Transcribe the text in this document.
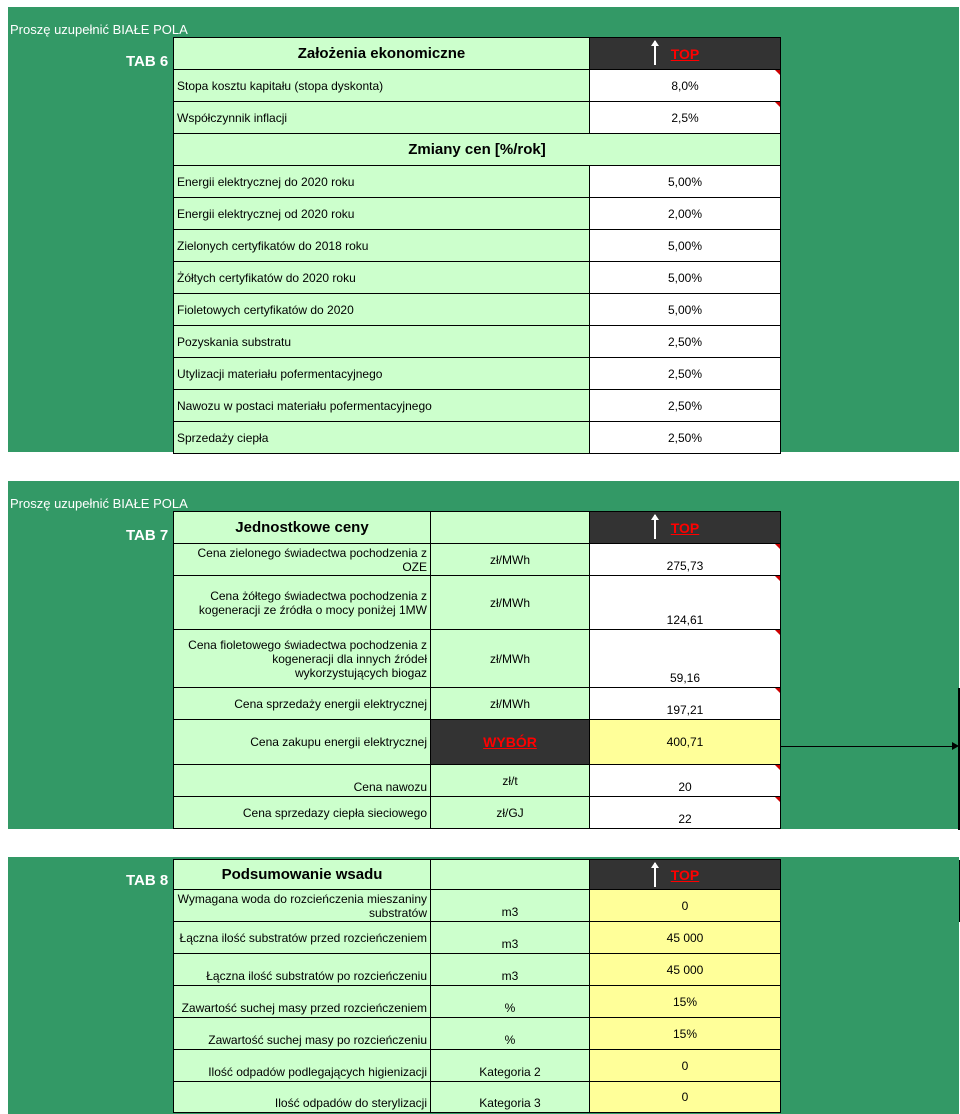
Proszę uzupełnić BIAŁE POLA
TAB 6	Założenia ekonomiczne	TOP
Stopa kosztu kapitału (stopa dyskonta)	8,0%

Współczynnik inflacji	2,5%

Zmiany cen [%/rok]	
Energii elektrycznej do 2020 roku	5,00%
Energii elektrycznej od 2020 roku	2,00%
Zielonych certyfikatów do 2018 roku	5,00%
Żółtych certyfikatów do 2020 roku	5,00%
Fioletowych certyfikatów do 2020	5,00%
Pozyskania substratu	2,50%
Utylizacji materiału pofermentacyjnego	2,50%
Nawozu w postaci materiału pofermentacyjnego	2,50%
Sprzedaży ciepła	2,50%
Proszę uzupełnić BIAŁE POLA
TAB 7	Jednostkowe ceny		TOP
Cena zielonego świadectwa pochodzenia z OZE	zł/MWh	275,73

Cena żółtego świadectwa pochodzenia z kogeneracji ze źródła o mocy poniżej 1MW	zł/MWh	124,61

Cena fioletowego świadectwa pochodzenia z kogeneracji dla innych źródeł wykorzystujących biogaz	zł/MWh	59,16

Cena sprzedaży energii elektrycznej	zł/MWh	197,21

Cena zakupu energii elektrycznej	WYBÓR	400,71
Cena nawozu	zł/t	20

Cena sprzedazy ciepła sieciowego	zł/GJ	22
TAB 8	Podsumowanie wsadu		TOP
Wymagana woda do rozcieńczenia mieszaniny substratów	m3	0
Łączna ilość substratów przed rozcieńczeniem	m3	45 000
Łączna ilość substratów po rozcieńczeniu	m3	45 000
Zawartość suchej masy przed rozcieńczeniem	%	15%
Zawartość suchej masy po rozcieńczeniu	%	15%
Ilość odpadów podlegających higienizacji	Kategoria 2	0
Ilość odpadów do sterylizacji	Kategoria 3	0
